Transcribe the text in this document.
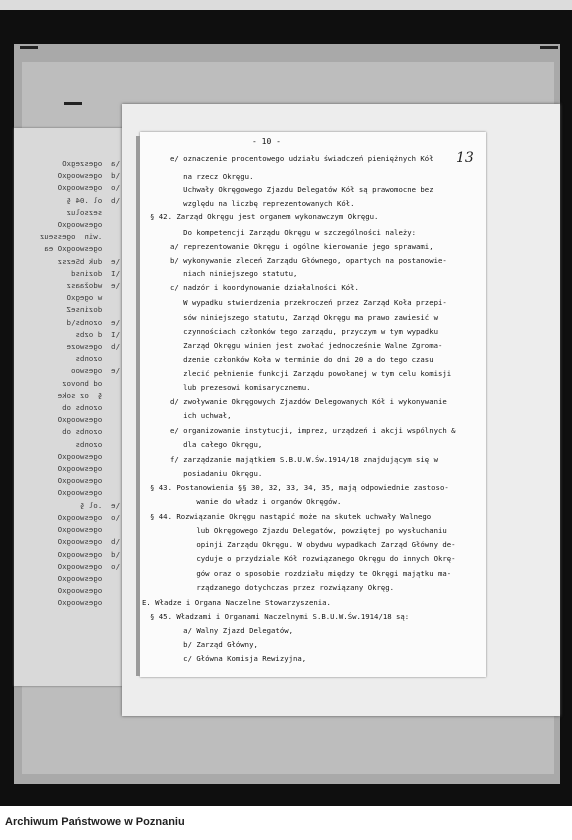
\a  ogeszegxO
\d  ogeswoogxO
\o  ogeswoogxO
\b  ol .04 §
sezsoluz
ogeswoogxO
.win  ogesseuz
ogeswoogxO ea
\e  duk bSezsz
\I  dozinsd
\e  wdožaasz
w ogegxO
dozinseZ
\e  ozonbs\d
\I  d ozbs
\b  ogeswoze
ozonbs
\e  ogeswoo
od bnovoz
§  oz soke
ozonbs ob
ogeswoogxO
ozonbs ob
ozonbs
ogeswoogxO
ogeswoogxO
ogeswoogxO
ogeswoogxO
\e  .ol §
\o  ogeswoogxO
ogeswoogxO
\b  ogeswoogxO
\d  ogeswoogxO
\o  ogeswoogxO
ogeswoogxO
ogeswoogxO
ogeswoogxO
- 10 -
13
e/ oznaczenie procentowego udziału świadczeń pieniężnych Kół
na rzecz Okręgu.
Uchwały Okręgowego Zjazdu Delegatów Kół są prawomocne bez
względu na liczbę reprezentowanych Kół.
§ 42. Zarząd Okręgu jest organem wykonawczym Okręgu.
Do kompetencji Zarządu Okręgu w szczególności należy:
a/ reprezentowanie Okręgu i ogólne kierowanie jego sprawami,
b/ wykonywanie zleceń Zarządu Głównego, opartych na postanowie-
niach niniejszego statutu,
c/ nadzór i koordynowanie działalności Kół.
W wypadku stwierdzenia przekroczeń przez Zarząd Koła przepi-
sów niniejszego statutu, Zarząd Okręgu ma prawo zawiesić w
czynnościach członków tego zarządu, przyczym w tym wypadku
Zarząd Okręgu winien jest zwołać jednocześnie Walne Zgroma-
dzenie członków Koła w terminie do dni 20 a do tego czasu
zlecić pełnienie funkcji Zarządu powołanej w tym celu komisji
lub prezesowi komisarycznemu.
d/ zwoływanie Okręgowych Zjazdów Delegowanych Kół i wykonywanie
ich uchwał,
e/ organizowanie instytucji, imprez, urządzeń i akcji wspólnych &
dla całego Okręgu,
f/ zarządzanie majątkiem S.B.U.W.Św.1914/18 znajdującym się w
posiadaniu Okręgu.
§ 43. Postanowienia §§ 30, 32, 33, 34, 35, mają odpowiednie zastoso-
wanie do władz i organów Okręgów.
§ 44. Rozwiązanie Okręgu nastąpić może na skutek uchwały Walnego
lub Okręgowego Zjazdu Delegatów, powziętej po wysłuchaniu
opinji Zarządu Okręgu. W obydwu wypadkach Zarząd Główny de-
cyduje o przydziale Kół rozwiązanego Okręgu do innych Okrę-
gów oraz o sposobie rozdziału między te Okręgi majątku ma-
rządzanego dotychczas przez rozwiązany Okręg.
E. Władze i Organa Naczelne Stowarzyszenia.
§ 45. Władzami i Organami Naczelnymi S.B.U.W.Św.1914/18 są:
a/ Walny Zjazd Delegatów,
b/ Zarząd Główny,
c/ Główna Komisja Rewizyjna,
Archiwum Państwowe w Poznaniu
